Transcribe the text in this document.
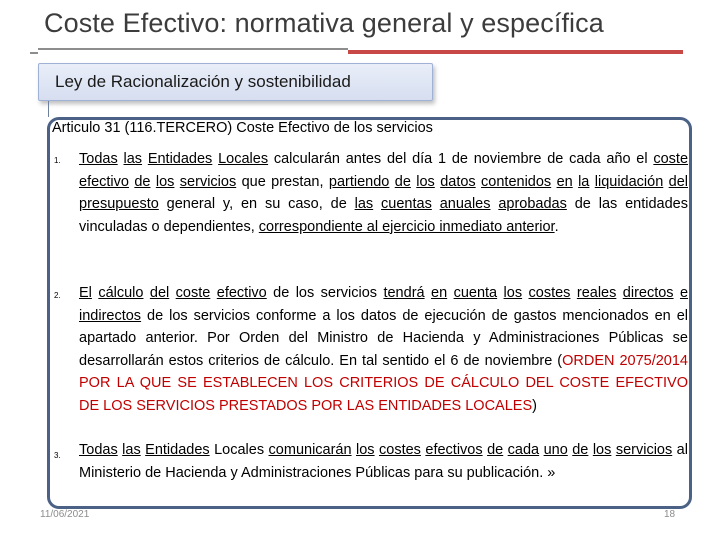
Coste Efectivo: normativa general y específica
Ley de Racionalización y sostenibilidad
Articulo 31 (116.TERCERO) Coste Efectivo de los servicios
1. Todas las Entidades Locales calcularán antes del día 1 de noviembre de cada año el coste efectivo de los servicios que prestan, partiendo de los datos contenidos en la liquidación del presupuesto general y, en su caso, de las cuentas anuales aprobadas de las entidades vinculadas o dependientes, correspondiente al ejercicio inmediato anterior.

2. El cálculo del coste efectivo de los servicios tendrá en cuenta los costes reales directos e indirectos de los servicios conforme a los datos de ejecución de gastos mencionados en el apartado anterior. Por Orden del Ministro de Hacienda y Administraciones Públicas se desarrollarán estos criterios de cálculo. En tal sentido el 6 de noviembre (ORDEN 2075/2014 POR LA QUE SE ESTABLECEN LOS CRITERIOS DE CÁLCULO DEL COSTE EFECTIVO DE LOS SERVICIOS PRESTADOS POR LAS ENTIDADES LOCALES)

3. Todas las Entidades Locales comunicarán los costes efectivos de cada uno de los servicios al Ministerio de Hacienda y Administraciones Públicas para su publicación. »

11/06/2021	18
